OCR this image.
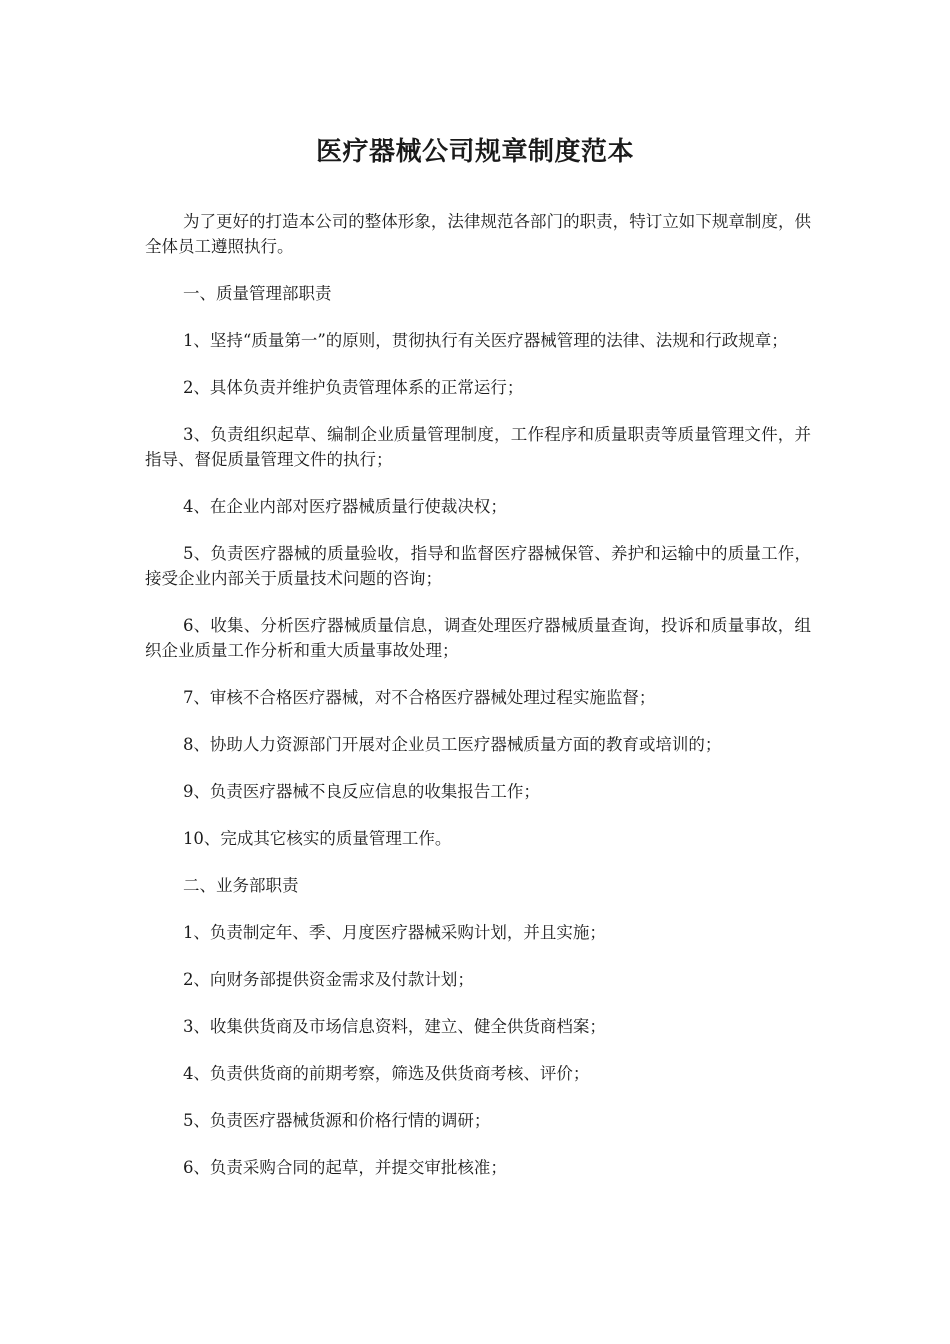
医疗器械公司规章制度范本

为了更好的打造本公司的整体形象，法律规范各部门的职责，特订立如下规章制度，供全体员工遵照执行。

一、质量管理部职责

1、坚持“质量第一”的原则，贯彻执行有关医疗器械管理的法律、法规和行政规章；

2、具体负责并维护负责管理体系的正常运行；

3、负责组织起草、编制企业质量管理制度，工作程序和质量职责等质量管理文件，并指导、督促质量管理文件的执行；

4、在企业内部对医疗器械质量行使裁决权；

5、负责医疗器械的质量验收，指导和监督医疗器械保管、养护和运输中的质量工作，接受企业内部关于质量技术问题的咨询；

6、收集、分析医疗器械质量信息，调查处理医疗器械质量查询，投诉和质量事故，组织企业质量工作分析和重大质量事故处理；

7、审核不合格医疗器械，对不合格医疗器械处理过程实施监督；

8、协助人力资源部门开展对企业员工医疗器械质量方面的教育或培训的；

9、负责医疗器械不良反应信息的收集报告工作；

10、完成其它核实的质量管理工作。

二、业务部职责

1、负责制定年、季、月度医疗器械采购计划，并且实施；

2、向财务部提供资金需求及付款计划；

3、收集供货商及市场信息资料，建立、健全供货商档案；

4、负责供货商的前期考察，筛选及供货商考核、评价；

5、负责医疗器械货源和价格行情的调研；

6、负责采购合同的起草，并提交审批核准；
